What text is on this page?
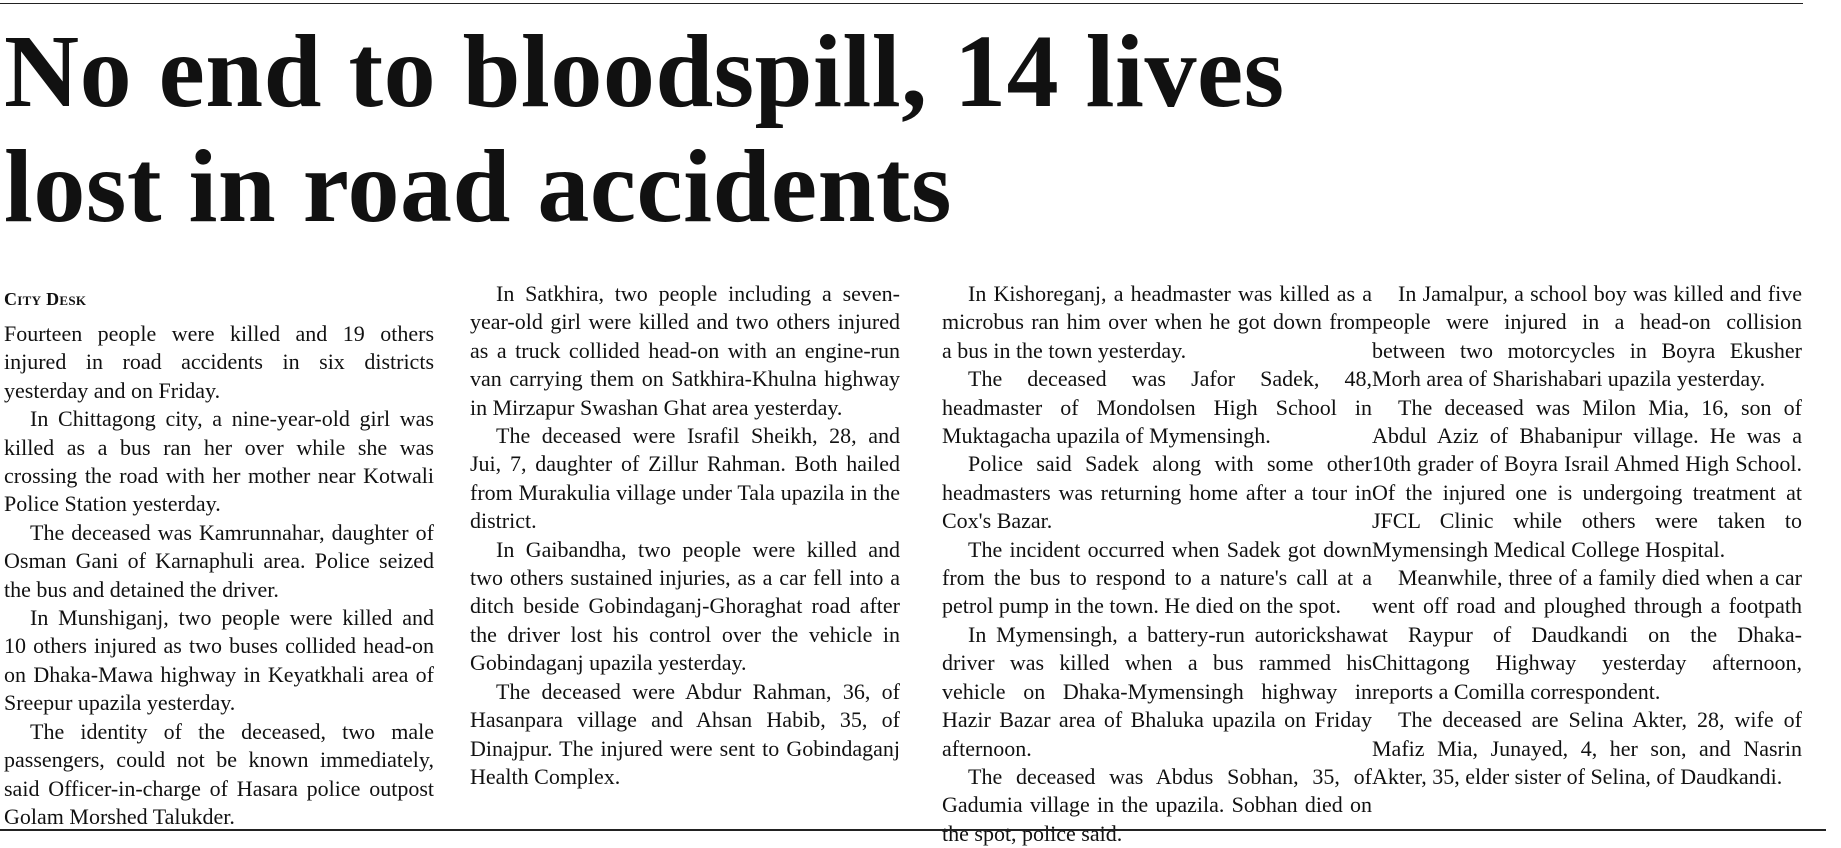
No end to bloodspill, 14 lives
lost in road accidents
City Desk

Fourteen people were killed and 19 others injured in road accidents in six districts yesterday and on Friday.

In Chittagong city, a nine-year-old girl was killed as a bus ran her over while she was crossing the road with her mother near Kotwali Police Station yesterday.

The deceased was Kamrunnahar, daughter of Osman Gani of Karnaphuli area. Police seized the bus and detained the driver.

In Munshiganj, two people were killed and 10 others injured as two buses collided head-on on Dhaka-Mawa highway in Keyatkhali area of Sreepur upazila yesterday.

The identity of the deceased, two male passengers, could not be known immediately, said Officer-in-charge of Hasara police outpost Golam Morshed Talukder.

In Satkhira, two people including a seven-year-old girl were killed and two others injured as a truck collided head-on with an engine-run van carrying them on Satkhira-Khulna highway in Mirzapur Swashan Ghat area yesterday.

The deceased were Israfil Sheikh, 28, and Jui, 7, daughter of Zillur Rahman. Both hailed from Murakulia village under Tala upazila in the district.

In Gaibandha, two people were killed and two others sustained injuries, as a car fell into a ditch beside Gobindaganj-Ghoraghat road after the driver lost his control over the vehicle in Gobindaganj upazila yesterday.

The deceased were Abdur Rahman, 36, of Hasanpara village and Ahsan Habib, 35, of Dinajpur. The injured were sent to Gobindaganj Health Complex.

In Kishoreganj, a headmaster was killed as a microbus ran him over when he got down from a bus in the town yesterday.

The deceased was Jafor Sadek, 48, headmaster of Mondolsen High School in Muktagacha upazila of Mymensingh.

Police said Sadek along with some other headmasters was returning home after a tour in Cox's Bazar.

The incident occurred when Sadek got down from the bus to respond to a nature's call at a petrol pump in the town. He died on the spot.

In Mymensingh, a battery-run autorickshaw driver was killed when a bus rammed his vehicle on Dhaka-Mymensingh highway in Hazir Bazar area of Bhaluka upazila on Friday afternoon.

The deceased was Abdus Sobhan, 35, of Gadumia village in the upazila. Sobhan died on the spot, police said.

In Jamalpur, a school boy was killed and five people were injured in a head-on collision between two motorcycles in Boyra Ekusher Morh area of Sharishabari upazila yesterday.

The deceased was Milon Mia, 16, son of Abdul Aziz of Bhabanipur village. He was a 10th grader of Boyra Israil Ahmed High School. Of the injured one is undergoing treatment at JFCL Clinic while others were taken to Mymensingh Medical College Hospital.

Meanwhile, three of a family died when a car went off road and ploughed through a footpath at Raypur of Daudkandi on the Dhaka-Chittagong Highway yesterday afternoon, reports a Comilla correspondent.

The deceased are Selina Akter, 28, wife of Mafiz Mia, Junayed, 4, her son, and Nasrin Akter, 35, elder sister of Selina, of Daudkandi.
